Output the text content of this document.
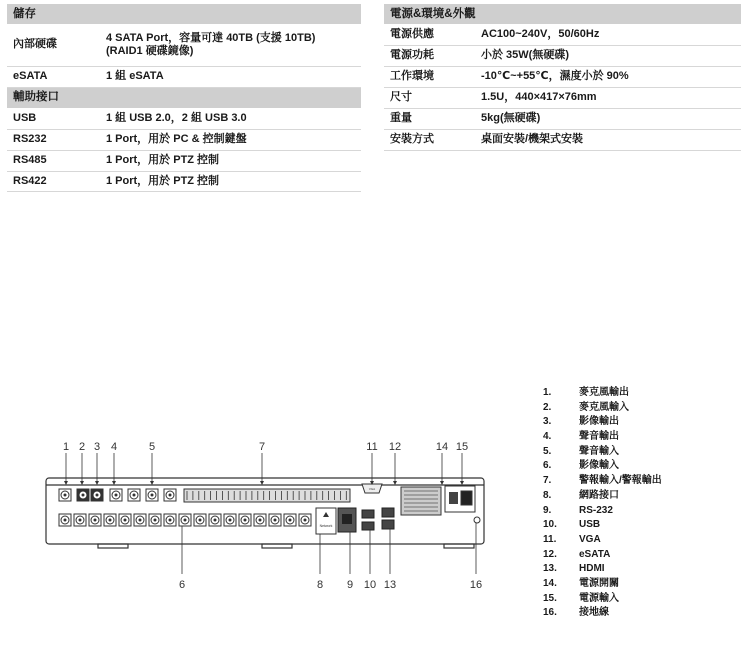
儲存	
內部硬碟	4 SATA Port，容量可達 40TB (支援 10TB)
(RAID1 硬碟鏡像)

eSATA	1 組 eSATA
輔助接口	
USB	1 組 USB 2.0，2 組 USB 3.0
RS232	1 Port，用於 PC & 控制鍵盤
RS485	1 Port，用於 PTZ 控制
RS422	1 Port，用於 PTZ 控制
電源&環境&外觀	
電源供應	AC100~240V，50/60Hz
電源功耗	小於 35W(無硬碟)
工作環境	-10℃~+55℃，濕度小於 90%
尺寸	1.5U，440×417×76mm
重量	5kg(無硬碟)
安裝方式	桌面安裝/機架式安裝
VGA
Network
1 2 3 4	5	7	11 12	14 15
6	8 9 10 13	16
1.	麥克風輸出
2.	麥克風輸入
3.	影像輸出
4.	聲音輸出
5.	聲音輸入
6.	影像輸入
7.	警報輸入/警報輸出
8.	網路接口
9.	RS-232
10. USB
11. VGA
12. eSATA
13. HDMI
14. 電源開關
15. 電源輸入
16. 接地線
